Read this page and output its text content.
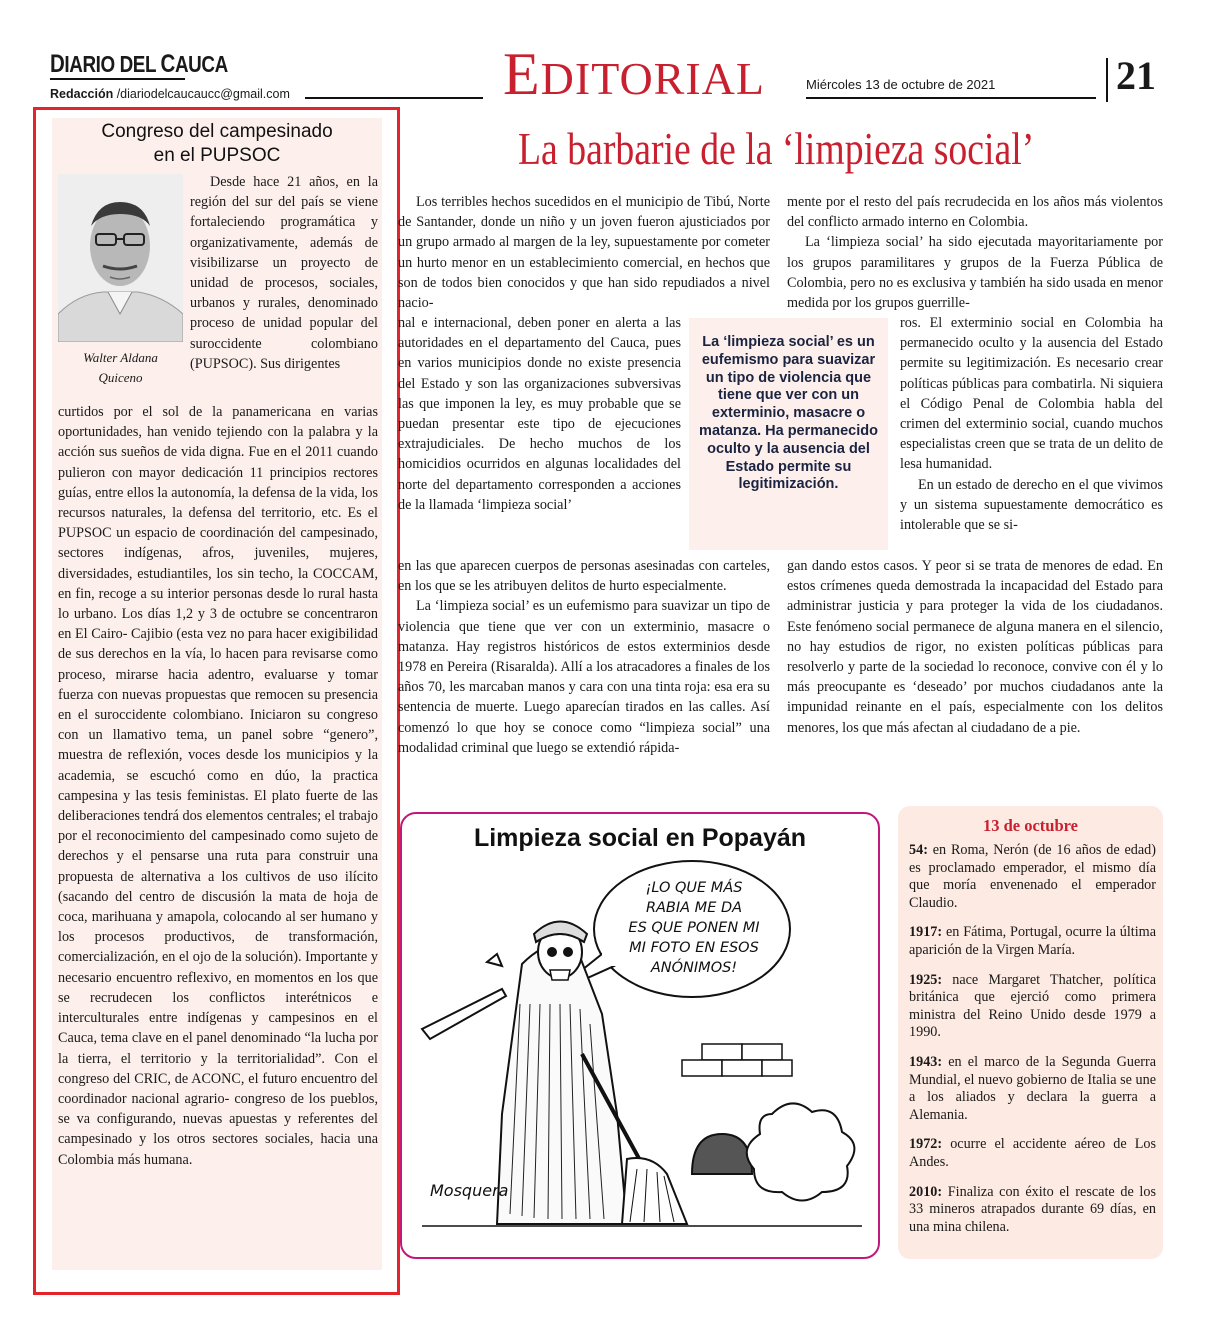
DIARIO DEL CAUCA
Redacción /diariodelcaucaucc@gmail.com	EDITORIAL	Miércoles 13 de octubre de 2021	21
Congreso del campesinado
en el PUPSOC
Walter Aldana
Quiceno
Desde hace 21 años, en la región del sur del país se viene fortaleciendo programática y organizativamente, además de visibilizarse un proyecto de unidad de procesos, sociales, urbanos y rurales, denominado proceso de unidad popular del suroccidente colombiano (PUPSOC). Sus dirigentes
curtidos por el sol de la panamericana en varias oportunidades, han venido tejiendo con la palabra y la acción sus sueños de vida digna. Fue en el 2011 cuando pulieron con mayor dedicación 11 principios rectores guías, entre ellos la autonomía, la defensa de la vida, los recursos naturales, la defensa del territorio, etc. Es el PUPSOC un espacio de coordinación del campesinado, sectores indígenas, afros, juveniles, mujeres, diversidades, estudiantiles, los sin techo, la COCCAM, en fin, recoge a su interior personas desde lo rural hasta lo urbano. Los días 1,2 y 3 de octubre se concentraron en El Cairo- Cajibio (esta vez no para hacer exigibilidad de sus derechos en la vía, lo hacen para revisarse como proceso, mirarse hacia adentro, evaluarse y tomar fuerza con nuevas propuestas que remocen su presencia en el suroccidente colombiano. Iniciaron su congreso con un llamativo tema, un panel sobre “genero”, muestra de reflexión, voces desde los municipios y la academia, se escuchó como en dúo, la practica campesina y las tesis feministas. El plato fuerte de las deliberaciones tendrá dos elementos centrales; el trabajo por el reconocimiento del campesinado como sujeto de derechos y el pensarse una ruta para construir una propuesta de alternativa a los cultivos de uso ilícito (sacando del centro de discusión la mata de hoja de coca, marihuana y amapola, colocando al ser humano y los procesos productivos, de transformación, comercialización, en el ojo de la solución). Importante y necesario encuentro reflexivo, en momentos en los que se recrudecen los conflictos interétnicos e interculturales entre indígenas y campesinos en el Cauca, tema clave en el panel denominado “la lucha por la tierra, el territorio y la territorialidad”. Con el congreso del CRIC, de ACONC, el futuro encuentro del coordinador nacional agrario- congreso de los pueblos, se va configurando, nuevas apuestas y referentes del campesinado y los otros sectores sociales, hacia una Colombia más humana.
La barbarie de la ‘limpieza social’

Los terribles hechos sucedidos en el municipio de Tibú, Norte de Santander, donde un niño y un joven fueron ajusticiados por un grupo armado al margen de la ley, supuestamente por cometer un hurto menor en un establecimiento comercial, en hechos que son de todos bien conocidos y que han sido repudiados a nivel nacio-

nal e internacional, deben poner en alerta a las autoridades en el departamento del Cauca, pues en varios municipios donde no existe presencia del Estado y son las organizaciones subversivas las que imponen la ley, es muy probable que se puedan presentar este tipo de ejecuciones extrajudiciales. De hecho muchos de los homicidios ocurridos en algunas localidades del norte del departamento corresponden a acciones de la llamada ‘limpieza social’
en las que aparecen cuerpos de personas asesinadas con carteles, en los que se les atribuyen delitos de hurto especialmente.

La ‘limpieza social’ es un eufemismo para suavizar un tipo de violencia que tiene que ver con un exterminio, masacre o matanza. Hay registros históricos de estos exterminios desde 1978 en Pereira (Risaralda). Allí a los atracadores a finales de los años 70, les marcaban manos y cara con una tinta roja: esa era su sentencia de muerte. Luego aparecían tirados en las calles. Así comenzó lo que hoy se conoce como “limpieza social” una modalidad criminal que luego se extendió rápida-

mente por el resto del país recrudecida en los años más violentos del conflicto armado interno en Colombia.

La ‘limpieza social’ ha sido ejecutada mayoritariamente por los grupos paramilitares y grupos de la Fuerza Pública de Colombia, pero no es exclusiva y también ha sido usada en menor medida por los grupos guerrille-

ros. El exterminio social en Colombia ha permanecido oculto y la ausencia del Estado permite su legitimización. Es necesario crear políticas públicas para combatirla. Ni siquiera el Código Penal de Colombia habla del crimen del exterminio social, cuando muchos especialistas creen que se trata de un delito de lesa humanidad.

En un estado de derecho en el que vivimos y un sistema supuestamente democrático es intolerable que se si-

gan dando estos casos. Y peor si se trata de menores de edad. En estos crímenes queda demostrada la incapacidad del Estado para administrar justicia y para proteger la vida de los ciudadanos. Este fenómeno social permanece de alguna manera en el silencio, no hay estudios de rigor, no existen políticas públicas para resolverlo y parte de la sociedad lo reconoce, convive con él y lo más preocupante es ‘deseado’ por muchos ciudadanos ante la impunidad reinante en el país, especialmente con los delitos menores, los que más afectan al ciudadano de a pie.
La ‘limpieza social’ es un eufemismo para suavizar un tipo de violencia que tiene que ver con un exterminio, masacre o matanza. Ha permanecido oculto y la ausencia del Estado permite su legitimización.
¡LO QUE MÁS
RABIA ME DA
ES QUE PONEN MI
MI FOTO EN ESOS
ANÓNIMOS!
Mosquera
Limpieza social en Popayán	13 de octubre
54: en Roma, Nerón (de 16 años de edad) es proclamado emperador, el mismo día que moría envenenado el emperador Claudio.
1917: en Fátima, Portugal, ocurre la última aparición de la Virgen María.
1925: nace Margaret Thatcher, política británica que ejerció como primera ministra del Reino Unido desde 1979 a 1990.
1943: en el marco de la Segunda Guerra Mundial, el nuevo gobierno de Italia se une a los aliados y declara la guerra a Alemania.
1972: ocurre el accidente aéreo de Los Andes.
2010: Finaliza con éxito el rescate de los 33 mineros atrapados durante 69 días, en una mina chilena.
